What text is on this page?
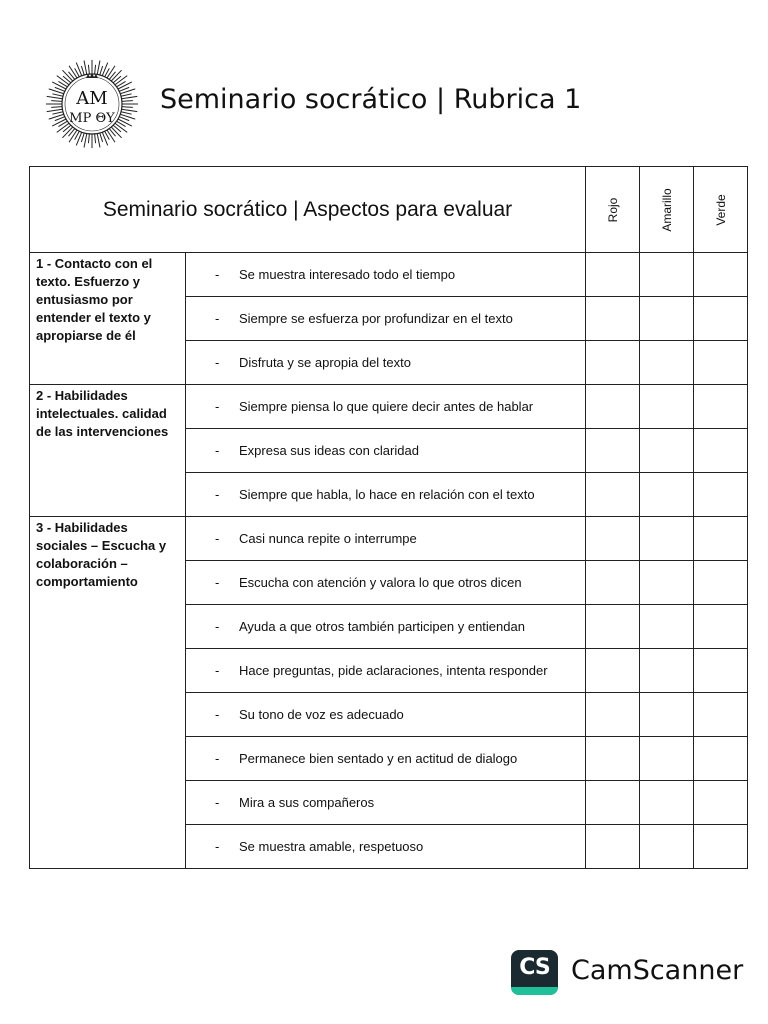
AM
MP ΘY
Seminario socrático | Rubrica 1
Seminario socrático | Aspectos para evaluar		Rojo	Amarillo	Verde

1 - Contacto con el texto. Esfuerzo y entusiasmo por entender el texto y apropiarse de él	- Se muestra interesado todo el tiempo			
	- Siempre se esfuerza por profundizar en el texto			
	- Disfruta y se apropia del texto			
2 - Habilidades intelectuales. calidad de las intervenciones	- Siempre piensa lo que quiere decir antes de hablar			
	- Expresa sus ideas con claridad			
	- Siempre que habla, lo hace en relación con el texto			
3 - Habilidades sociales – Escucha y colaboración – comportamiento	- Casi nunca repite o interrumpe			
	- Escucha con atención y valora lo que otros dicen			
	- Ayuda a que otros también participen y entiendan			
	- Hace preguntas, pide aclaraciones, intenta responder			
	- Su tono de voz es adecuado			
	- Permanece bien sentado y en actitud de dialogo			
	- Mira a sus compañeros			
	- Se muestra amable, respetuoso			
CS CamScanner
